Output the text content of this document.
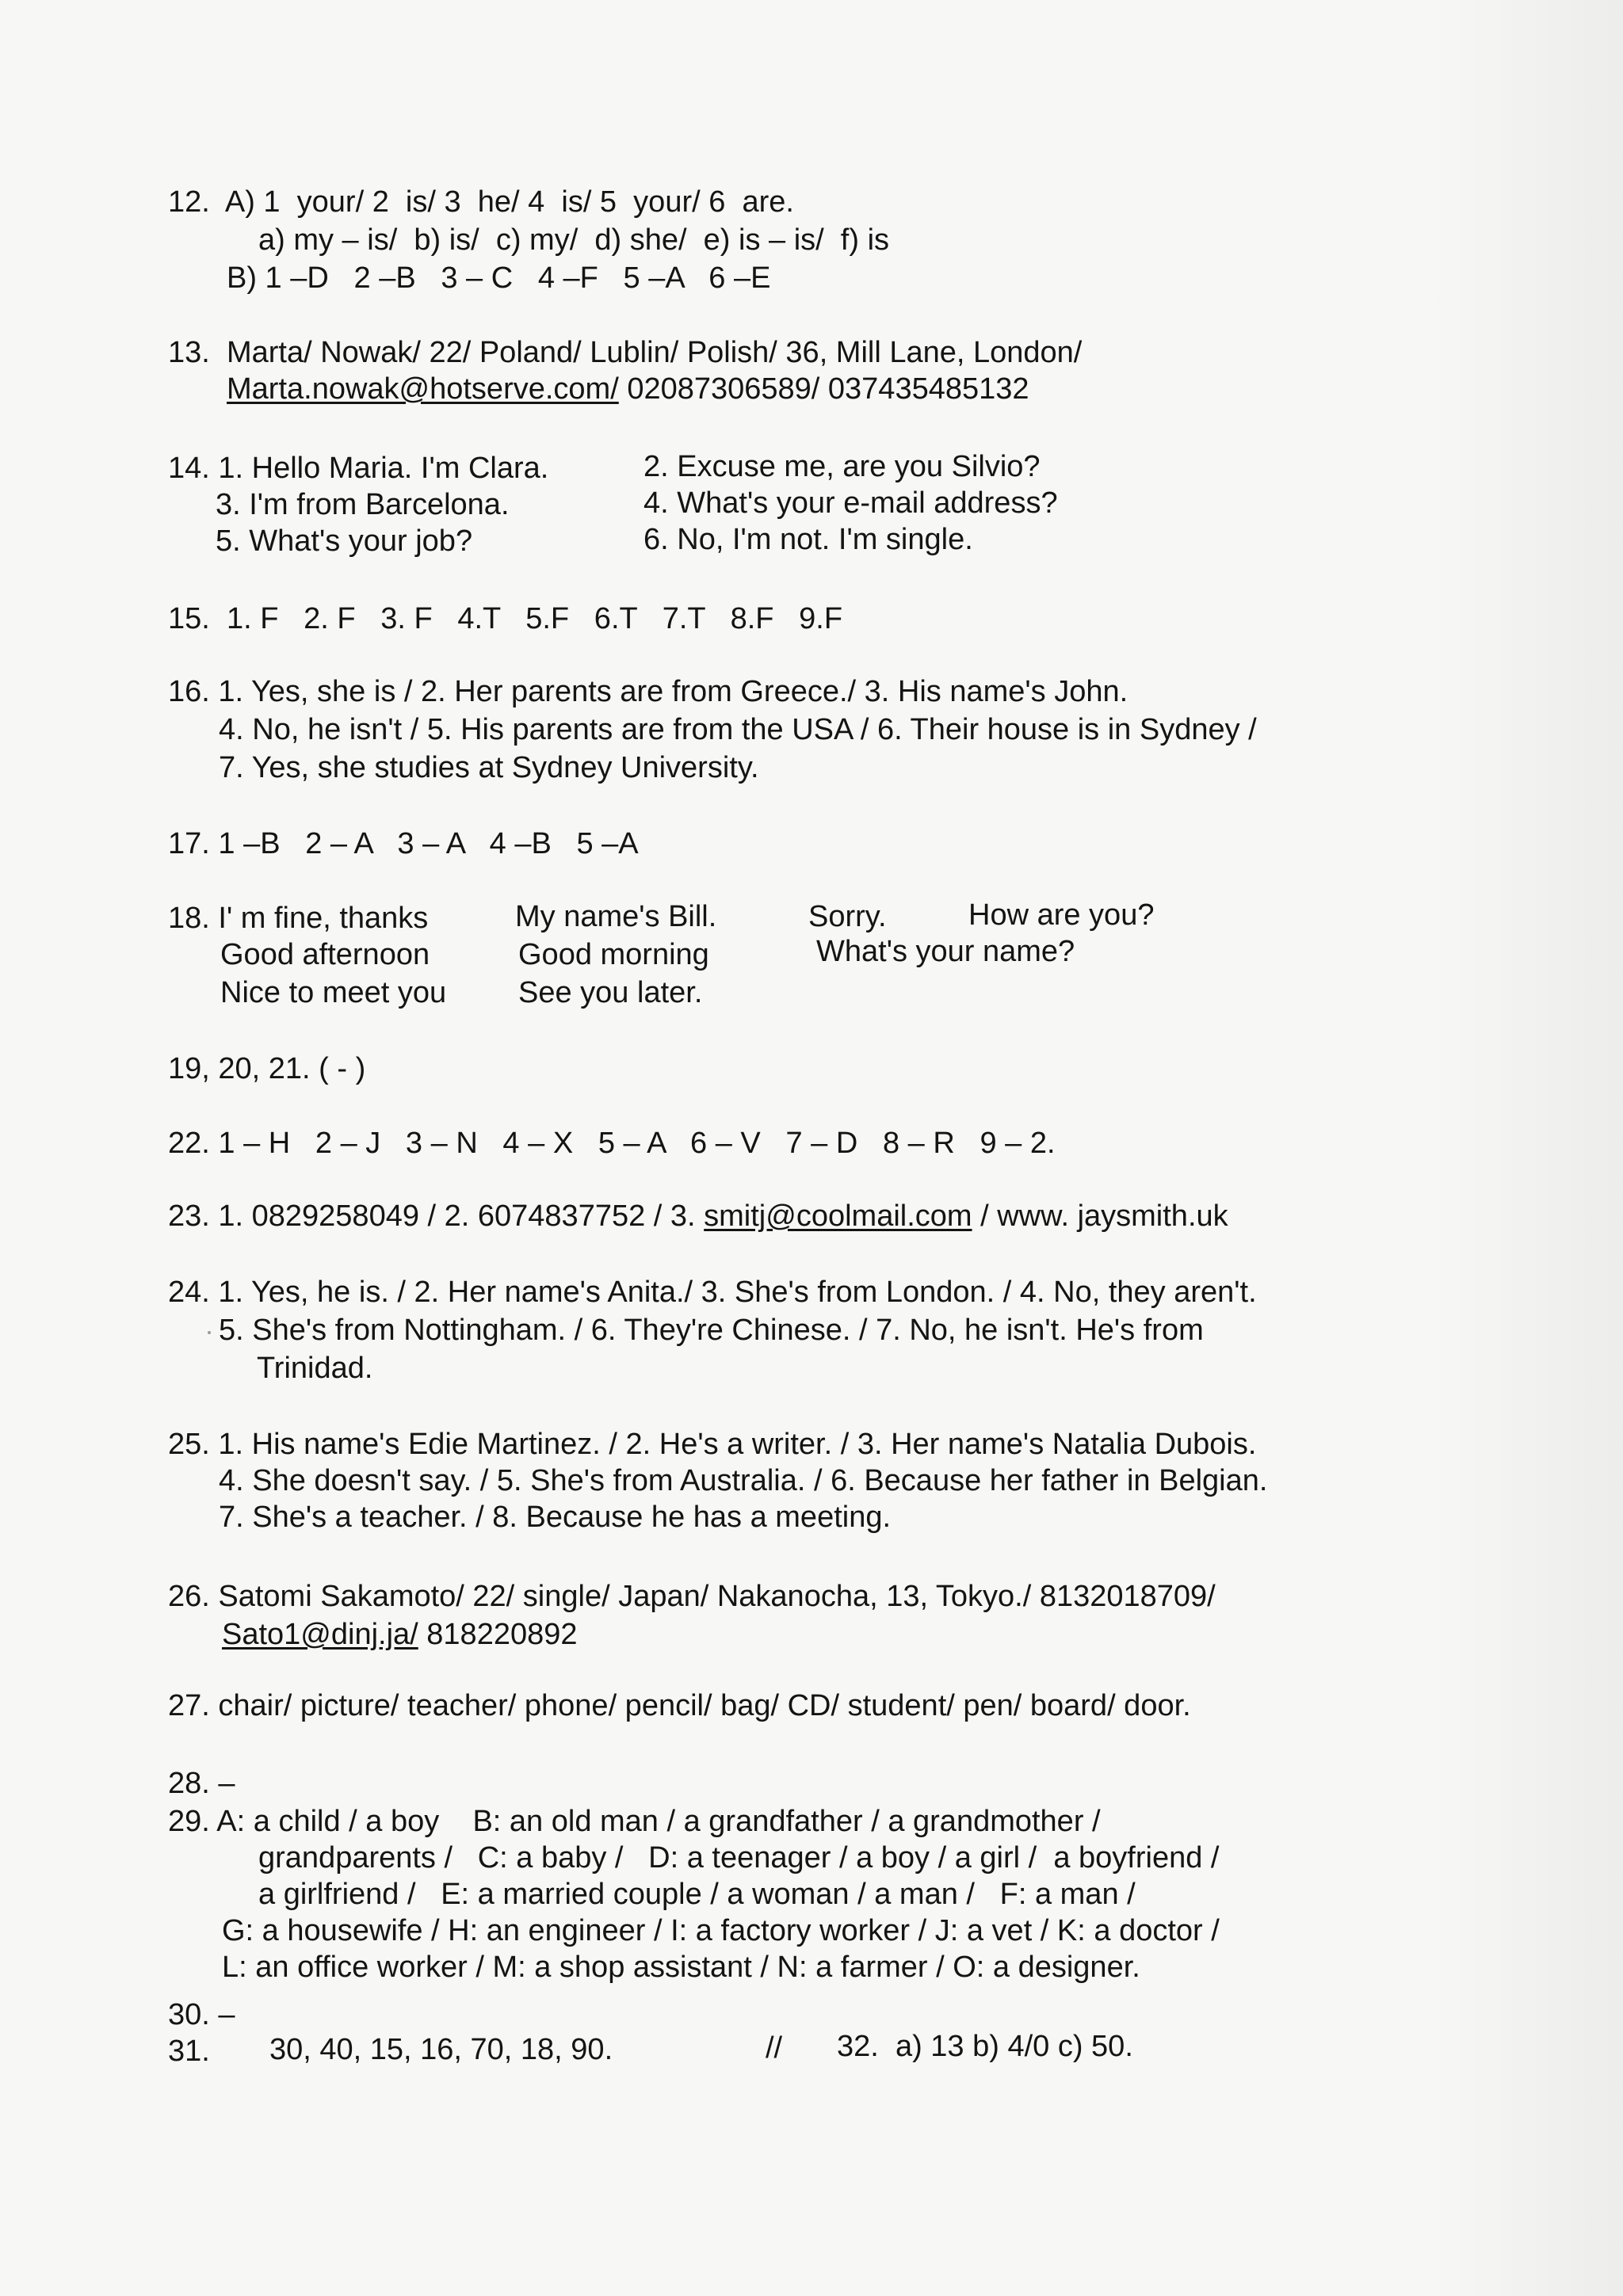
12.  A) 1  your/ 2  is/ 3  he/ 4  is/ 5  your/ 6  are.
a) my – is/  b) is/  c) my/  d) she/  e) is – is/  f) is
B) 1 –D   2 –B   3 – C   4 –F   5 –A   6 –E
13.  Marta/ Nowak/ 22/ Poland/ Lublin/ Polish/ 36, Mill Lane, London/
Marta.nowak@hotserve.com/ 02087306589/ 037435485132
14. 1. Hello Maria. I'm Clara.
3. I'm from Barcelona.
5. What's your job?
2. Excuse me, are you Silvio?
4. What's your e-mail address?
6. No, I'm not. I'm single.
15.  1. F   2. F   3. F   4.T   5.F   6.T   7.T   8.F   9.F
16. 1. Yes, she is / 2. Her parents are from Greece./ 3. His name's John.
4. No, he isn't / 5. His parents are from the USA / 6. Their house is in Sydney /
7. Yes, she studies at Sydney University.
17. 1 –B   2 – A   3 – A   4 –B   5 –A
18. I' m fine, thanks
Good afternoon
Nice to meet you
My name's Bill.
Good morning
See you later.
Sorry.
What's your name?
How are you?
19, 20, 21. ( - )
22. 1 – H   2 – J   3 – N   4 – X   5 – A   6 – V   7 – D   8 – R   9 – 2.
23. 1. 0829258049 / 2. 6074837752 / 3. smitj@coolmail.com / www. jaysmith.uk
24. 1. Yes, he is. / 2. Her name's Anita./ 3. She's from London. / 4. No, they aren't.
5. She's from Nottingham. / 6. They're Chinese. / 7. No, he isn't. He's from
Trinidad.
25. 1. His name's Edie Martinez. / 2. He's a writer. / 3. Her name's Natalia Dubois.
4. She doesn't say. / 5. She's from Australia. / 6. Because her father in Belgian.
7. She's a teacher. / 8. Because he has a meeting.
26. Satomi Sakamoto/ 22/ single/ Japan/ Nakanocha, 13, Tokyo./ 8132018709/
Sato1@dinj.ja/ 818220892
27. chair/ picture/ teacher/ phone/ pencil/ bag/ CD/ student/ pen/ board/ door.
28. –
29. A: a child / a boy    B: an old man / a grandfather / a grandmother /
grandparents /   C: a baby /   D: a teenager / a boy / a girl /  a boyfriend /
a girlfriend /   E: a married couple / a woman / a man /   F: a man /
G: a housewife / H: an engineer / I: a factory worker / J: a vet / K: a doctor /
L: an office worker / M: a shop assistant / N: a farmer / O: a designer.
30. –
31. 30, 40, 15, 16, 70, 18, 90.	// 32.  a) 13 b) 4/0 c) 50.
